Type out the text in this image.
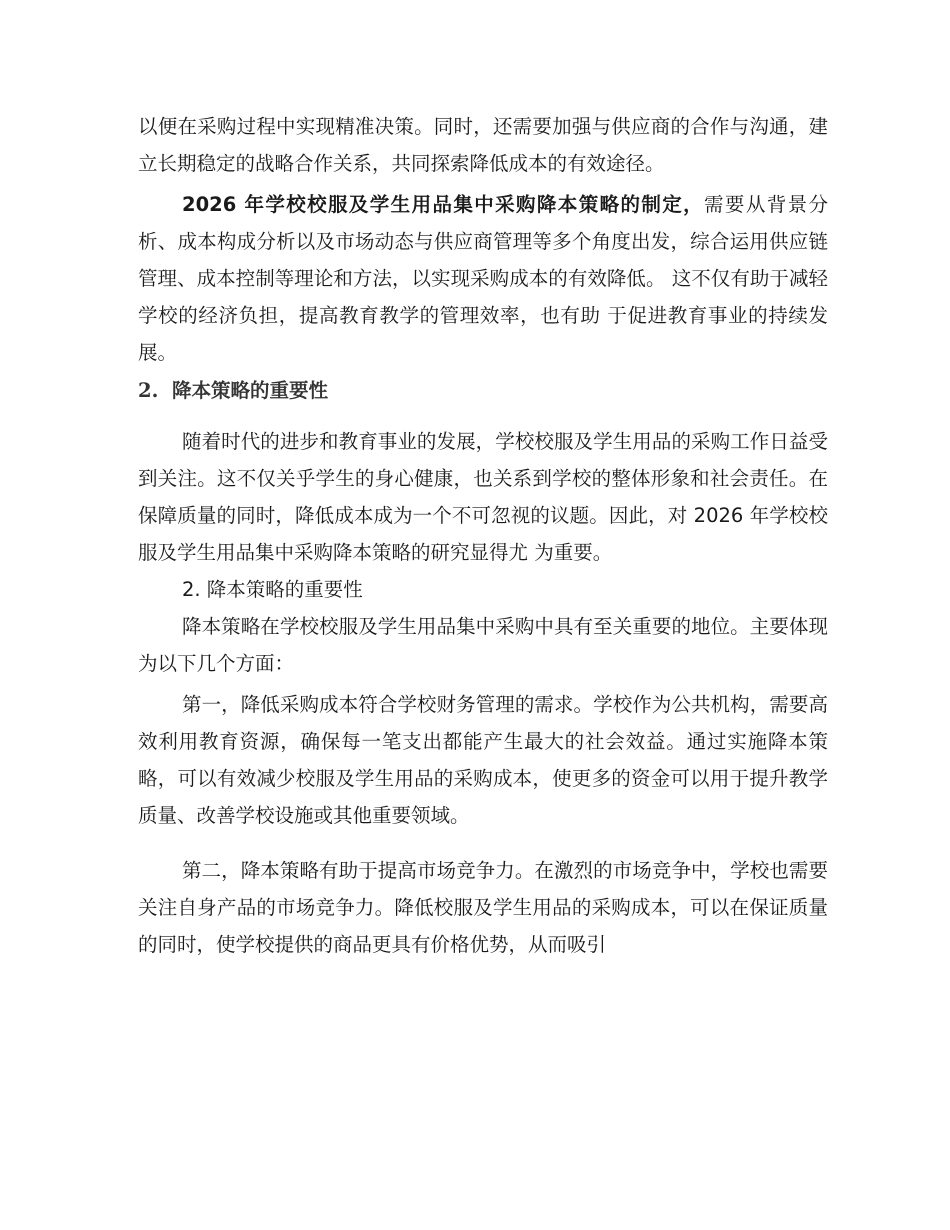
以便在采购过程中实现精准决策。同时，还需要加强与供应商的合作与沟通，建立长期稳定的战略合作关系，共同探索降低成本的有效途径。

2026 年学校校服及学生用品集中采购降本策略的制定，需要从背景分析、成本构成分析以及市场动态与供应商管理等多个角度出发，综合运用供应链管理、成本控制等理论和方法，以实现采购成本的有效降低。 这不仅有助于减轻学校的经济负担，提高教育教学的管理效率，也有助 于促进教育事业的持续发展。

2. 降本策略的重要性

随着时代的进步和教育事业的发展，学校校服及学生用品的采购工作日益受到关注。这不仅关乎学生的身心健康，也关系到学校的整体形象和社会责任。在保障质量的同时，降低成本成为一个不可忽视的议题。因此，对 2026 年学校校服及学生用品集中采购降本策略的研究显得尤 为重要。

2. 降本策略的重要性

降本策略在学校校服及学生用品集中采购中具有至关重要的地位。主要体现为以下几个方面：

第一，降低采购成本符合学校财务管理的需求。学校作为公共机构，需要高效利用教育资源，确保每一笔支出都能产生最大的社会效益。通过实施降本策略，可以有效减少校服及学生用品的采购成本，使更多的资金可以用于提升教学质量、改善学校设施或其他重要领域。

第二，降本策略有助于提高市场竞争力。在激烈的市场竞争中，学校也需要关注自身产品的市场竞争力。降低校服及学生用品的采购成本，可以在保证质量的同时，使学校提供的商品更具有价格优势，从而吸引
